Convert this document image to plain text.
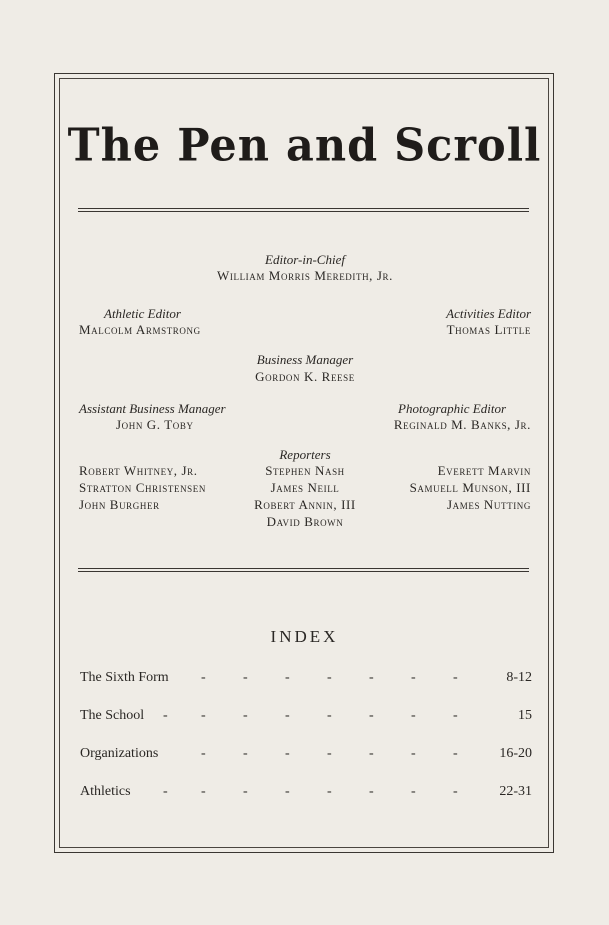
The Pen and Scroll
Editor-in-Chief
William Morris Meredith, Jr.
Athletic Editor
Malcolm Armstrong
Activities Editor
Thomas Little
Business Manager
Gordon K. Reese
Assistant Business Manager
John G. Toby
Photographic Editor
Reginald M. Banks, Jr.
Reporters
Robert Whitney, Jr.
Stratton Christensen
John Burgher
Stephen Nash
James Neill
Robert Annin, III
David Brown
Everett Marvin
Samuell Munson, III
James Nutting
INDEX
The Sixth Form -	-	-	-	-	-	-	8-12
The School - -	-	-	-	-	-	-	15
Organizations	-	-	-	-	-	-	-	16-20
Athletics - -	-	-	-	-	-	-	22-31
